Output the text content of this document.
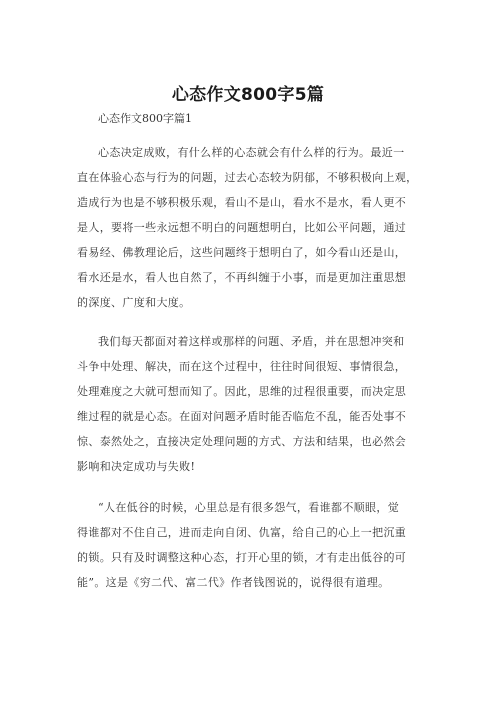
心态作文800字5篇
心态作文800字篇1
心态决定成败，有什么样的心态就会有什么样的行为。最近一
直在体验心态与行为的问题，过去心态较为阴郁，不够积极向上观，
造成行为也是不够积极乐观，看山不是山，看水不是水，看人更不
是人，要将一些永远想不明白的问题想明白，比如公平问题，通过
看易经、佛教理论后，这些问题终于想明白了，如今看山还是山，
看水还是水，看人也自然了，不再纠缠于小事，而是更加注重思想
的深度、广度和大度。
我们每天都面对着这样或那样的问题、矛盾，并在思想冲突和
斗争中处理、解决，而在这个过程中，往往时间很短、事情很急，
处理难度之大就可想而知了。因此，思维的过程很重要，而决定思
维过程的就是心态。在面对问题矛盾时能否临危不乱，能否处事不
惊、泰然处之，直接决定处理问题的方式、方法和结果，也必然会
影响和决定成功与失败!
“人在低谷的时候，心里总是有很多怨气，看谁都不顺眼，觉
得谁都对不住自己，进而走向自闭、仇富，给自己的心上一把沉重
的锁。只有及时调整这种心态，打开心里的锁，才有走出低谷的可
能”。这是《穷二代、富二代》作者钱图说的，说得很有道理。
